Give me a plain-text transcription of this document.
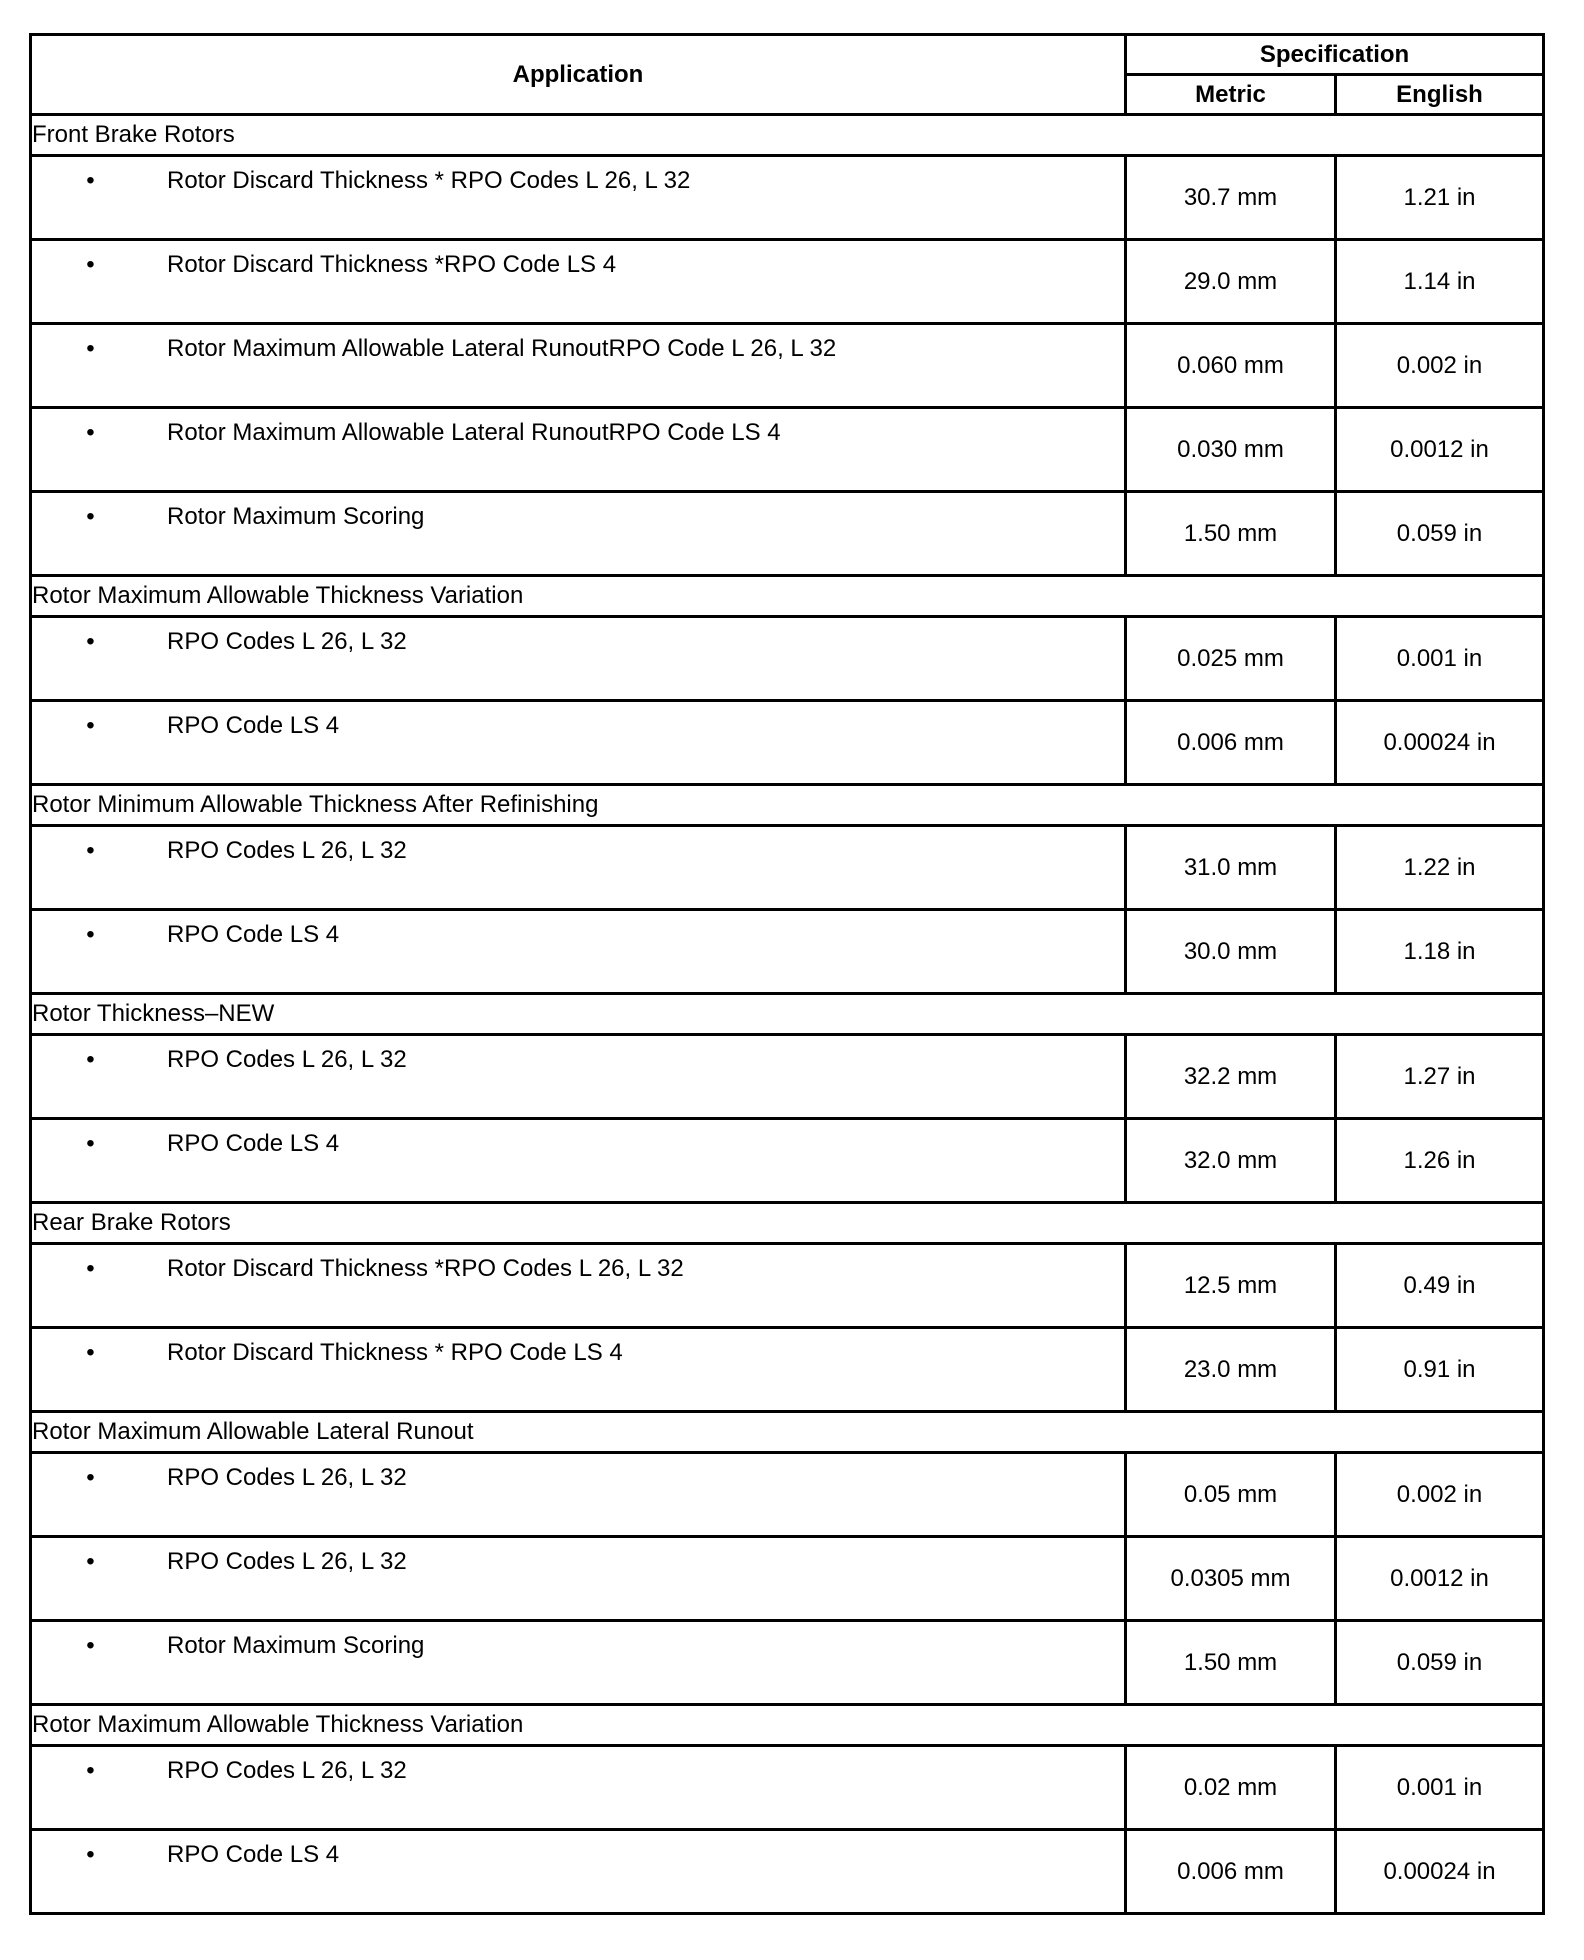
Application	Specification	
	Metric	English
Front Brake Rotors		

• Rotor Discard Thickness * RPO Codes L 26, L 32	30.7 mm	1.21 in

• Rotor Discard Thickness *RPO Code LS 4	29.0 mm	1.14 in

• Rotor Maximum Allowable Lateral RunoutRPO Code L 26, L 32	0.060 mm	0.002 in

• Rotor Maximum Allowable Lateral RunoutRPO Code LS 4	0.030 mm	0.0012 in

• Rotor Maximum Scoring	1.50 mm	0.059 in
Rotor Maximum Allowable Thickness Variation		

• RPO Codes L 26, L 32	0.025 mm	0.001 in

• RPO Code LS 4	0.006 mm	0.00024 in
Rotor Minimum Allowable Thickness After Refinishing		

• RPO Codes L 26, L 32	31.0 mm	1.22 in

• RPO Code LS 4	30.0 mm	1.18 in
Rotor Thickness–NEW		

• RPO Codes L 26, L 32	32.2 mm	1.27 in

• RPO Code LS 4	32.0 mm	1.26 in
Rear Brake Rotors		

• Rotor Discard Thickness *RPO Codes L 26, L 32	12.5 mm	0.49 in

• Rotor Discard Thickness * RPO Code LS 4	23.0 mm	0.91 in
Rotor Maximum Allowable Lateral Runout		

• RPO Codes L 26, L 32	0.05 mm	0.002 in

• RPO Codes L 26, L 32	0.0305 mm	0.0012 in

• Rotor Maximum Scoring	1.50 mm	0.059 in
Rotor Maximum Allowable Thickness Variation		

• RPO Codes L 26, L 32	0.02 mm	0.001 in

• RPO Code LS 4	0.006 mm	0.00024 in
